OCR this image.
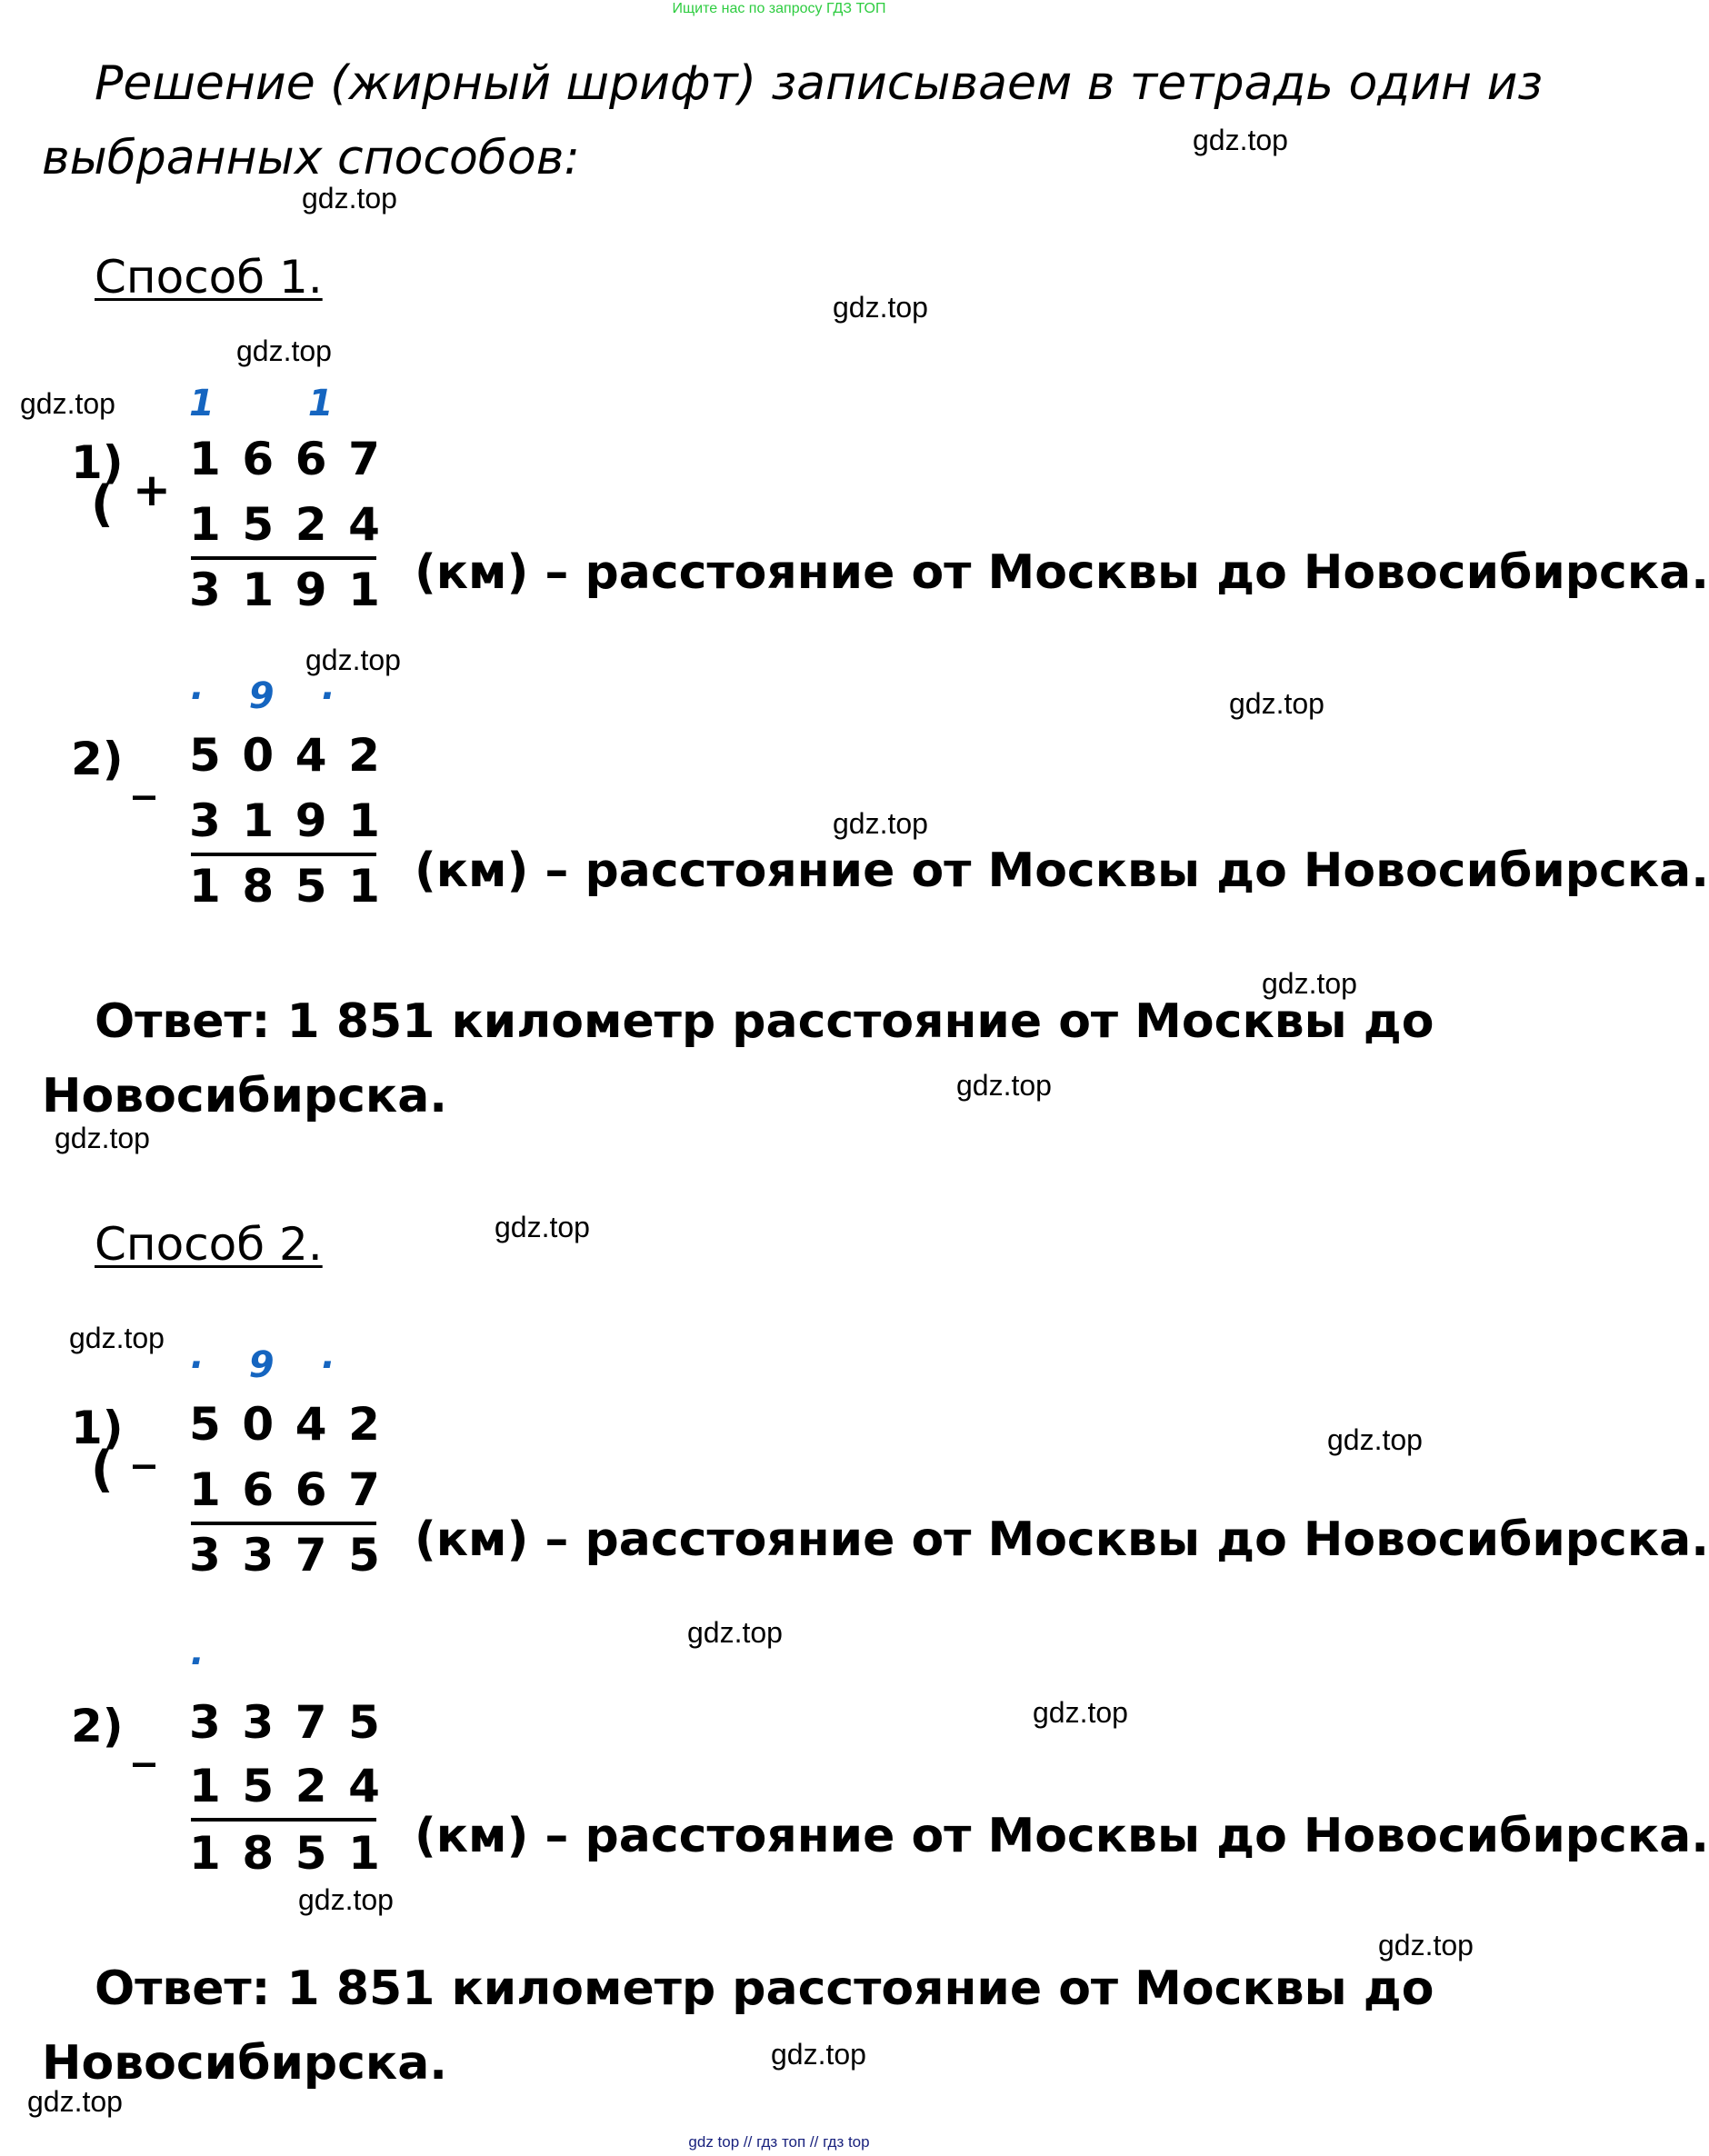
Ищите нас по запросу ГДЗ ТОП
Решение (жирный шрифт) записываем в тетрадь один из
выбранных способов:	gdz.top
gdz.top
gdz.top
gdz.top
gdz.top
gdz.top
gdz.top
gdz.top
gdz.top
gdz.top
gdz.top
gdz.top
gdz.top
gdz.top
gdz.top
gdz.top
gdz.top
gdz.top
gdz.top
gdz.top
Способ 1.
1	1
1)
( +
1 6 6 7
1 5 2 4
3 1 9 1 (км) – расстояние от Москвы до Новосибирска.
· 9 ·
2) _ 5 0 4 2
3 1 9 1
1 8 5 1 (км) – расстояние от Москвы до Новосибирска.
Ответ: 1 851 километр расстояние от Москвы до
Новосибирска.
Способ 2.
· 9 ·
1)
( _ 5 0 4 2
1 6 6 7
3 3 7 5 (км) – расстояние от Москвы до Новосибирска.
·
2) _ 3 3 7 5
1 5 2 4
1 8 5 1 (км) – расстояние от Москвы до Новосибирска.
Ответ: 1 851 километр расстояние от Москвы до
Новосибирска.
gdz top // гдз топ // гдз top
